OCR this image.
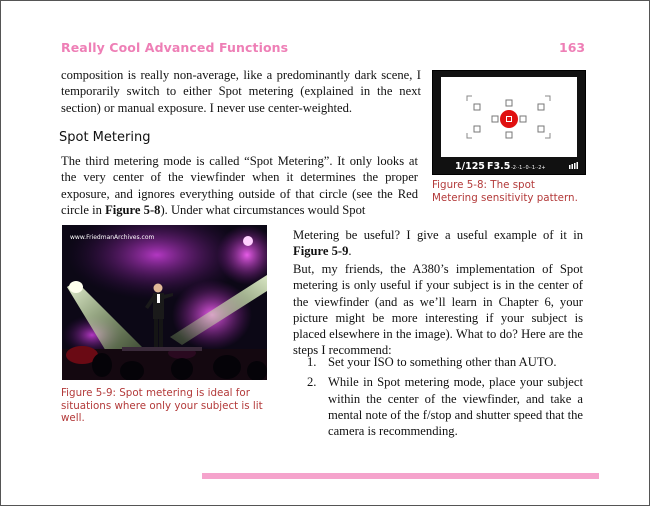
Really Cool Advanced Functions	163

composition is really non-average, like a predominantly dark scene, I temporarily switch to either Spot metering (explained in the next section) or manual exposure. I never use center-weighted.

Spot Metering

The third metering mode is called “Spot Metering”. It only looks at the very center of the viewfinder when it determines the proper exposure, and ignores everything outside of that circle (see the Red circle in Figure 5-8). Under what circumstances would Spot

1/125 F3.5 -2··1··0··1··2+

Figure 5-8: The spot Metering sensitivity pattern.

www.FriedmanArchives.com

Figure 5-9: Spot metering is ideal for situations where only your subject is lit well.

Metering be useful? I give a useful example of it in Figure 5-9.

But, my friends, the A380’s implementation of Spot metering is only useful if your subject is in the center of the viewfinder (and as we’ll learn in Chapter 6, your picture might be more interesting if your subject is placed elsewhere in the image). What to do? Here are the steps I recommend:

1. Set your ISO to something other than AUTO.
2. While in Spot metering mode, place your subject within the center of the viewfinder, and take a mental note of the f/stop and shutter speed that the camera is recommending.
